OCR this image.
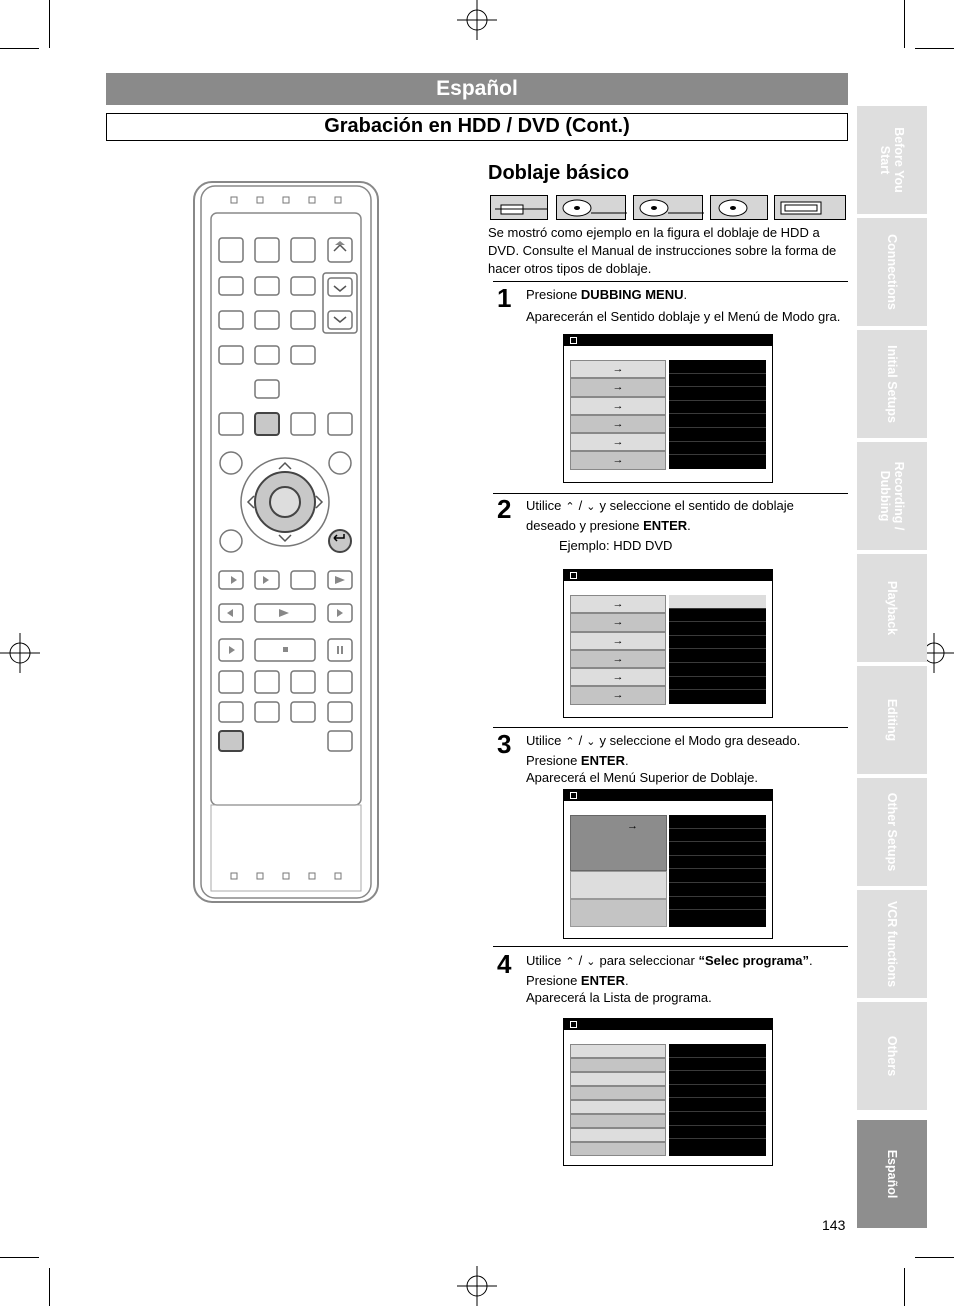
Español
Grabación en HDD / DVD (Cont.)
Before You
Start
Connections
Initial Setups
Recording /
Dubbing
Playback
Editing
Other Setups
VCR functions
Others
Español
Doblaje básico
Se mostró como ejemplo en la figura el doblaje de HDD a DVD. Consulte el Manual de instrucciones sobre la forma de hacer otros tipos de doblaje.
1 Presione DUBBING MENU.
Aparecerán el Sentido doblaje y el Menú de Modo gra.
→
→
→
→
→
→
2 Utilice ⌃ / ⌄ y seleccione el sentido de doblaje
deseado y presione ENTER.
Ejemplo: HDD DVD
→
→
→
→
→
→
3 Utilice ⌃ / ⌄ y seleccione el Modo gra deseado.
Presione ENTER.
Aparecerá el Menú Superior de Doblaje.
→
4 Utilice ⌃ / ⌄ para seleccionar “Selec programa”.
Presione ENTER.
Aparecerá la Lista de programa.
143
